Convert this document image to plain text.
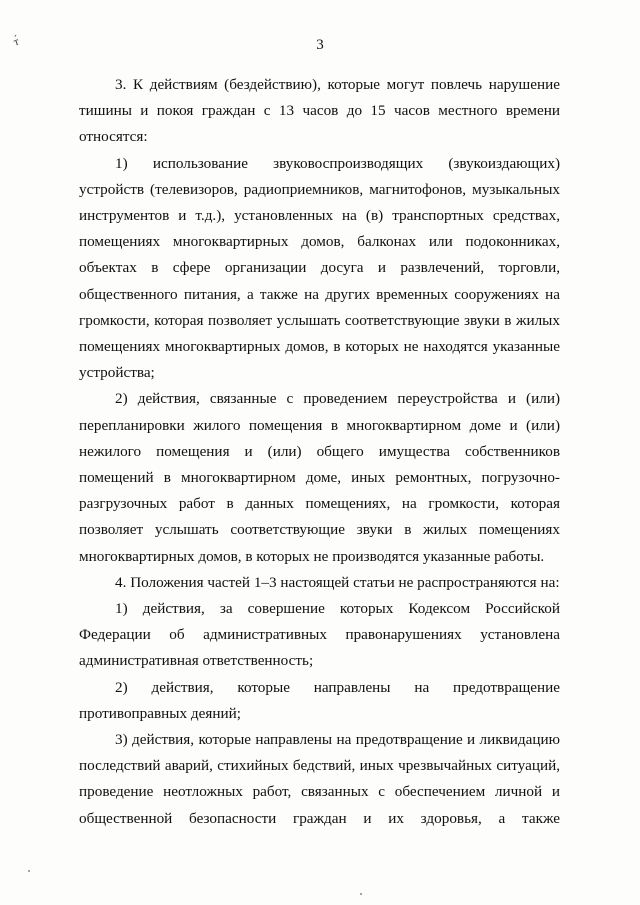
т́	3

3. К действиям (бездействию), которые могут повлечь нарушение тишины и покоя граждан с 13 часов до 15 часов местного времени относятся:

1) использование звуковоспроизводящих (звукоиздающих) устройств (телевизоров, радиоприемников, магнитофонов, музыкальных инструментов и т.д.), установленных на (в) транспортных средствах, помещениях многоквартирных домов, балконах или подоконниках, объектах в сфере организации досуга и развлечений, торговли, общественного питания, а также на других временных сооружениях на громкости, которая позволяет услышать соответствующие звуки в жилых помещениях многоквартирных домов, в которых не находятся указанные устройства;

2) действия, связанные с проведением переустройства и (или) перепланировки жилого помещения в многоквартирном доме и (или) нежилого помещения и (или) общего имущества собственников помещений в многоквартирном доме, иных ремонтных, погрузочно-разгрузочных работ в данных помещениях, на громкости, которая позволяет услышать соответствующие звуки в жилых помещениях многоквартирных домов, в которых не производятся указанные работы.

4. Положения частей 1–3 настоящей статьи не распространяются на:

1) действия, за совершение которых Кодексом Российской Федерации об административных правонарушениях установлена административная ответственность;

2) действия, которые направлены на предотвращение противоправных деяний;

3) действия, которые направлены на предотвращение и ликвидацию последствий аварий, стихийных бедствий, иных чрезвычайных ситуаций, проведение неотложных работ, связанных с обеспечением личной и общественной безопасности граждан и их здоровья, а также
